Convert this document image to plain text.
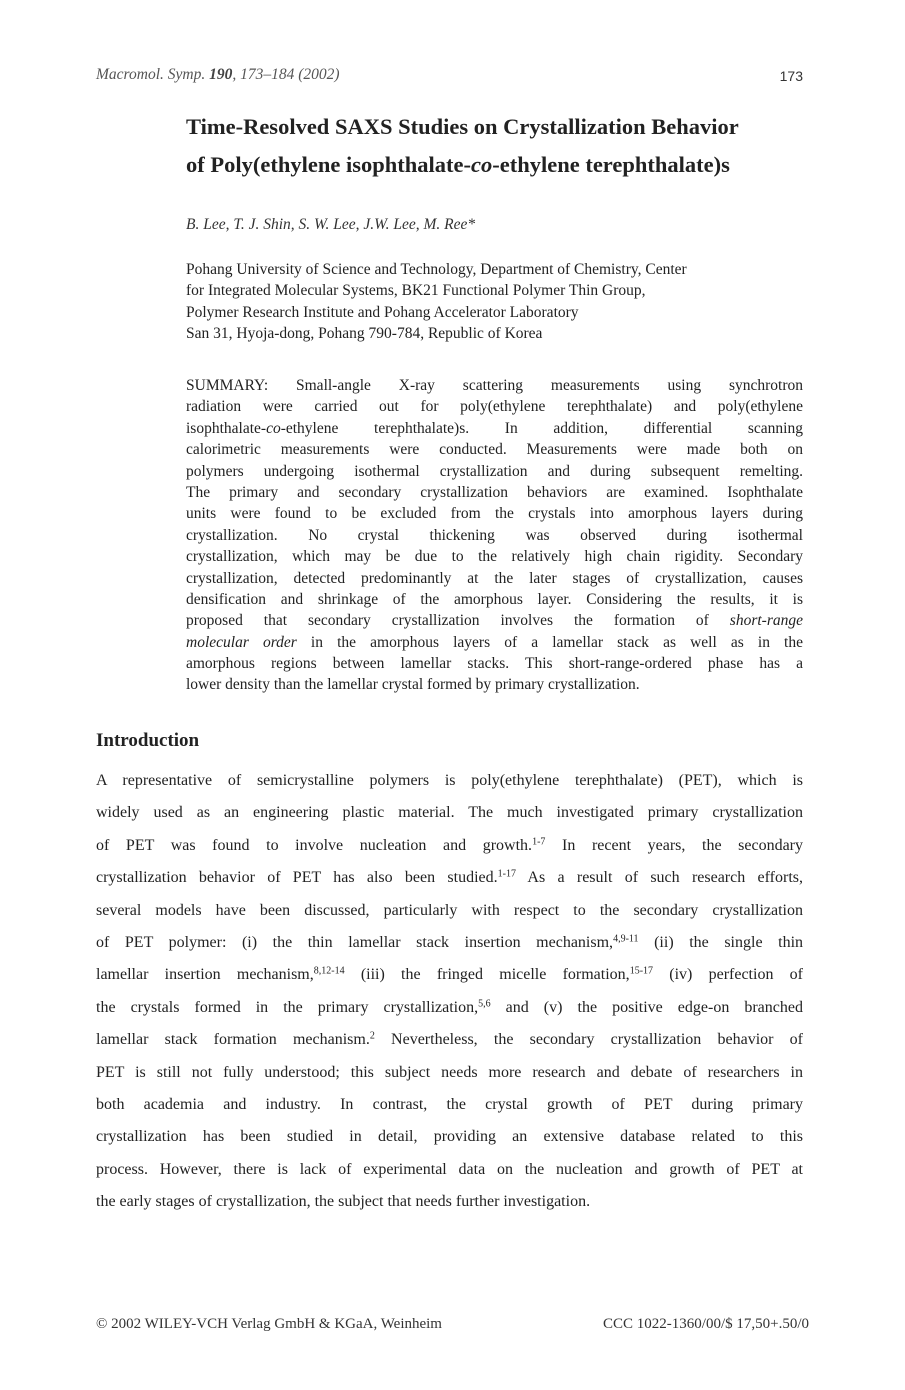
Macromol. Symp. 190, 173–184 (2002)	173
Time-Resolved SAXS Studies on Crystallization Behavior
of Poly(ethylene isophthalate-co-ethylene terephthalate)s
B. Lee, T. J. Shin, S. W. Lee, J.W. Lee, M. Ree*
Pohang University of Science and Technology, Department of Chemistry, Center
for Integrated Molecular Systems, BK21 Functional Polymer Thin Group,
Polymer Research Institute and Pohang Accelerator Laboratory
San 31, Hyoja-dong, Pohang 790-784, Republic of Korea
SUMMARY: Small-angle X-ray scattering measurements using synchrotron
radiation were carried out for poly(ethylene terephthalate) and poly(ethylene
isophthalate-co-ethylene terephthalate)s. In addition, differential scanning
calorimetric measurements were conducted. Measurements were made both on
polymers undergoing isothermal crystallization and during subsequent remelting.
The primary and secondary crystallization behaviors are examined. Isophthalate
units were found to be excluded from the crystals into amorphous layers during
crystallization. No crystal thickening was observed during isothermal
crystallization, which may be due to the relatively high chain rigidity. Secondary
crystallization, detected predominantly at the later stages of crystallization, causes
densification and shrinkage of the amorphous layer. Considering the results, it is
proposed that secondary crystallization involves the formation of short-range
molecular order in the amorphous layers of a lamellar stack as well as in the
amorphous regions between lamellar stacks. This short-range-ordered phase has a
lower density than the lamellar crystal formed by primary crystallization.
Introduction
A representative of semicrystalline polymers is poly(ethylene terephthalate) (PET), which is
widely used as an engineering plastic material. The much investigated primary crystallization
of PET was found to involve nucleation and growth.$^{1-7}$ In recent years, the secondary
crystallization behavior of PET has also been studied.$^{1-17}$ As a result of such research efforts,
several models have been discussed, particularly with respect to the secondary crystallization
of PET polymer: (i) the thin lamellar stack insertion mechanism,$^{4,9-11}$ (ii) the single thin
lamellar insertion mechanism,$^{8,12-14}$ (iii) the fringed micelle formation,$^{15-17}$ (iv) perfection of
the crystals formed in the primary crystallization,$^{5,6}$ and (v) the positive edge-on branched
lamellar stack formation mechanism.$^2$ Nevertheless, the secondary crystallization behavior of
PET is still not fully understood; this subject needs more research and debate of researchers in
both academia and industry. In contrast, the crystal growth of PET during primary
crystallization has been studied in detail, providing an extensive database related to this
process. However, there is lack of experimental data on the nucleation and growth of PET at
the early stages of crystallization, the subject that needs further investigation.
© 2002 WILEY-VCH Verlag GmbH & KGaA, Weinheim	CCC 1022-1360/00/$ 17,50+.50/0
